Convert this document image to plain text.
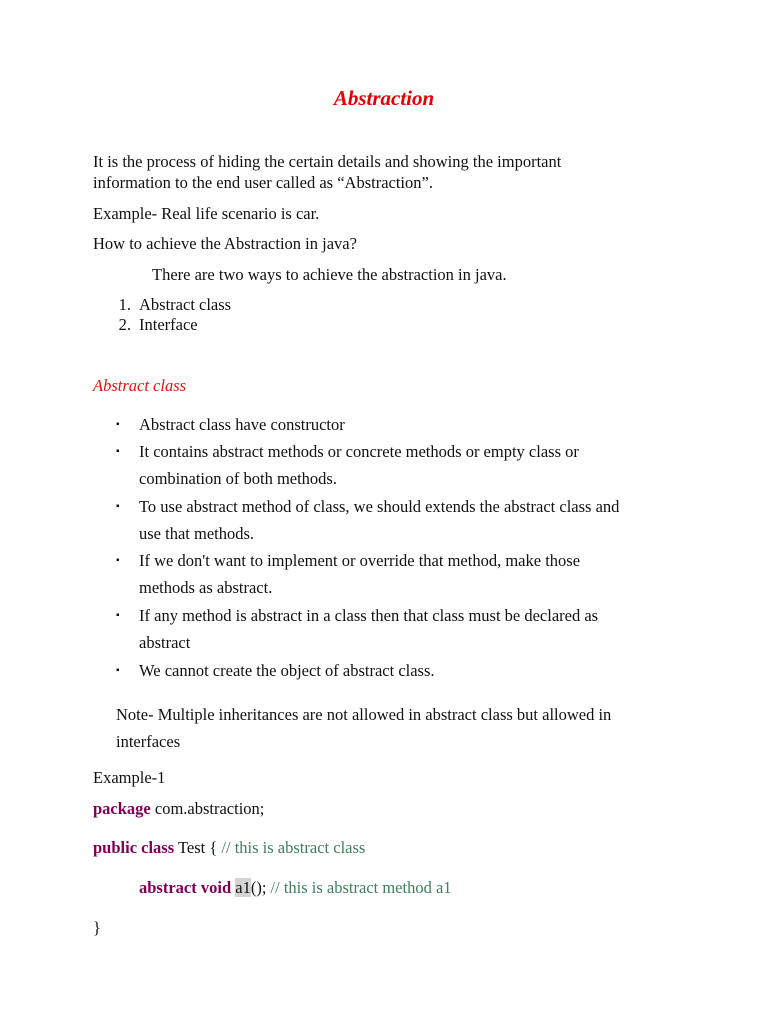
Abstraction

It is the process of hiding the certain details and showing the important

information to the end user called as “Abstraction”.

Example- Real life scenario is car.

How to achieve the Abstraction in java?

There are two ways to achieve the abstraction in java.

1. Abstract class
2. Interface
Abstract class
▪ Abstract class have constructor
▪ It contains abstract methods or concrete methods or empty class or
combination of both methods.
▪ To use abstract method of class, we should extends the abstract class and
use that methods.
▪ If we don't want to implement or override that method, make those
methods as abstract.
▪ If any method is abstract in a class then that class must be declared as
abstract
▪ We cannot create the object of abstract class.

Note- Multiple inheritances are not allowed in abstract class but allowed in

interfaces

Example-1

package com.abstraction;
public class Test { // this is abstract class
abstract void a1(); // this is abstract method a1
}
